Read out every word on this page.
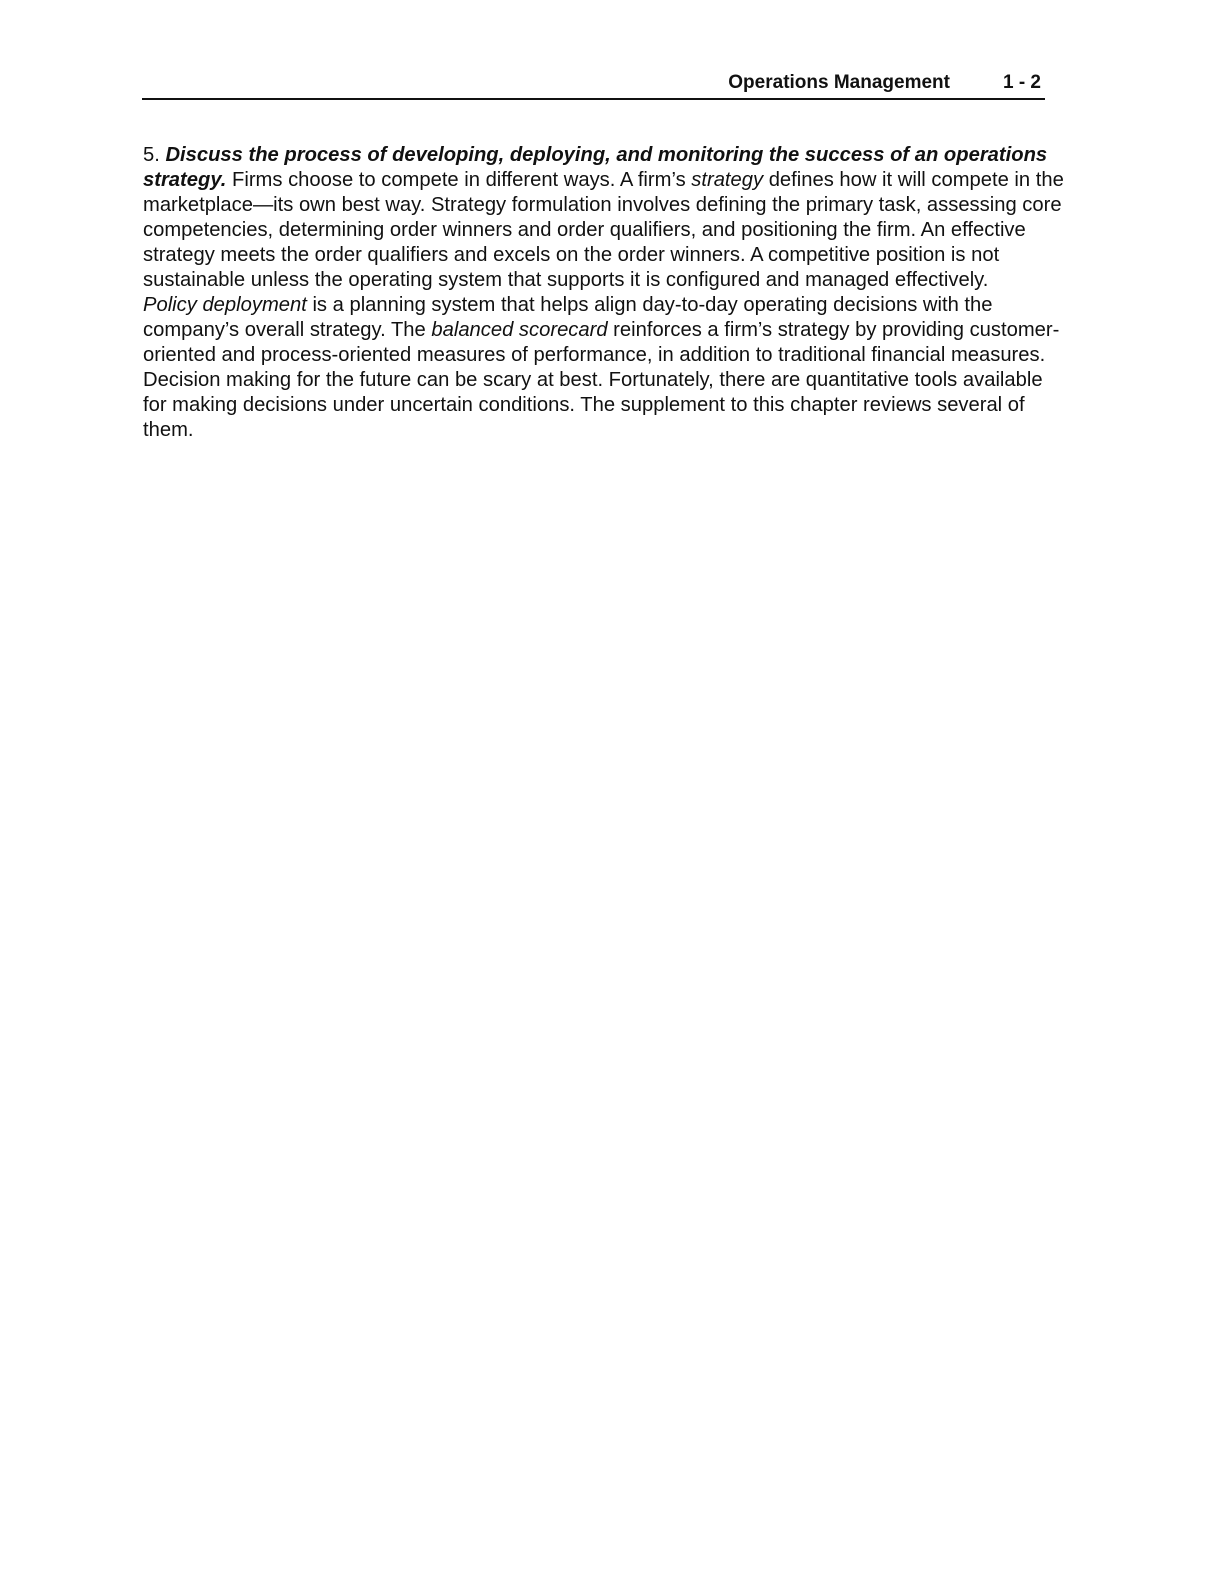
Operations Management	1 - 2

5. Discuss the process of developing, deploying, and monitoring the success of an operations strategy. Firms choose to compete in different ways. A firm’s strategy defines how it will compete in the marketplace—its own best way. Strategy formulation involves defining the primary task, assessing core competencies, determining order winners and order qualifiers, and positioning the firm. An effective strategy meets the order qualifiers and excels on the order winners. A competitive position is not sustainable unless the operating system that supports it is configured and managed effectively.

Policy deployment is a planning system that helps align day-to-day operating decisions with the company’s overall strategy. The balanced scorecard reinforces a firm’s strategy by providing customer-oriented and process-oriented measures of performance, in addition to traditional financial measures.

Decision making for the future can be scary at best. Fortunately, there are quantitative tools available for making decisions under uncertain conditions. The supplement to this chapter reviews several of them.
